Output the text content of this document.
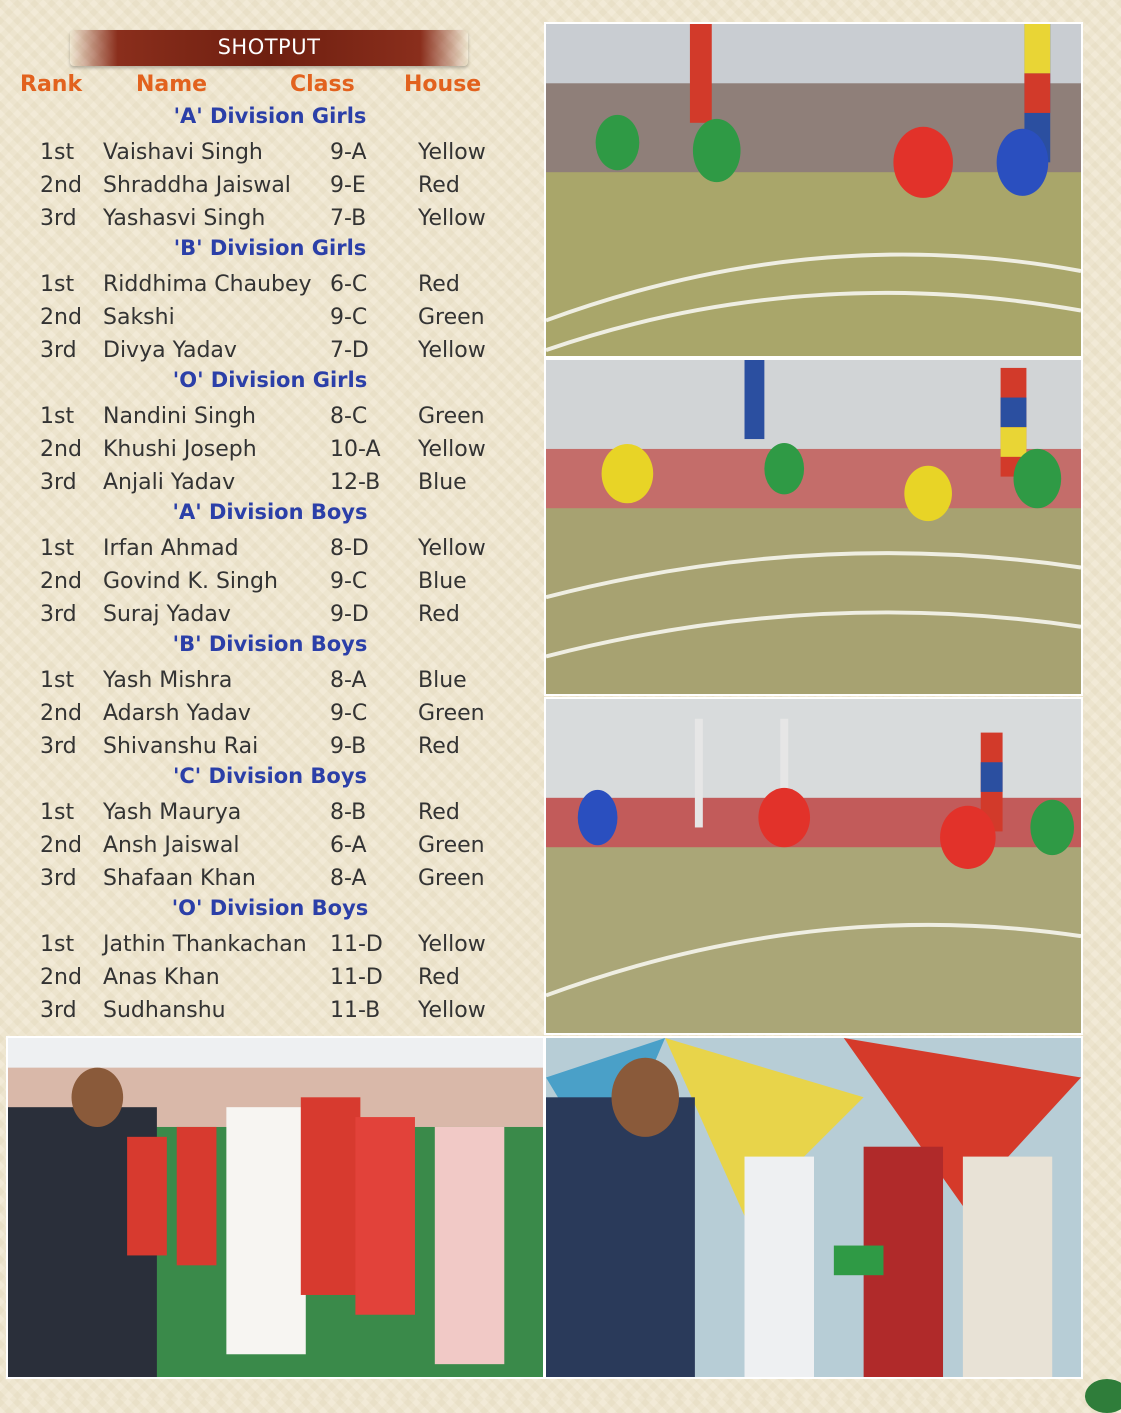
SHOTPUT
Rank Name	Class House
'A' Division Girls
1st Vaishavi Singh	9-A Yellow
2nd Shraddha Jaiswal 9-E Red
3rd Yashasvi Singh	7-B Yellow
'B' Division Girls
1st Riddhima Chaubey 6-C Red
2nd Sakshi	9-C Green
3rd Divya Yadav	7-D Yellow
'O' Division Girls
1st Nandini Singh	8-C Green
2nd Khushi Joseph	10-A Yellow
3rd Anjali Yadav	12-B Blue
'A' Division Boys
1st Irfan Ahmad	8-D Yellow
2nd Govind K. Singh 9-C Blue
3rd Suraj Yadav	9-D Red
'B' Division Boys
1st Yash Mishra	8-A Blue
2nd Adarsh Yadav	9-C Green
3rd Shivanshu Rai	9-B Red
'C' Division Boys
1st Yash Maurya	8-B Red
2nd Ansh Jaiswal	6-A Green
3rd Shafaan Khan	8-A Green
'O' Division Boys
1st Jathin Thankachan 11-D Yellow
2nd Anas Khan	11-D Red
3rd Sudhanshu	11-B Yellow
